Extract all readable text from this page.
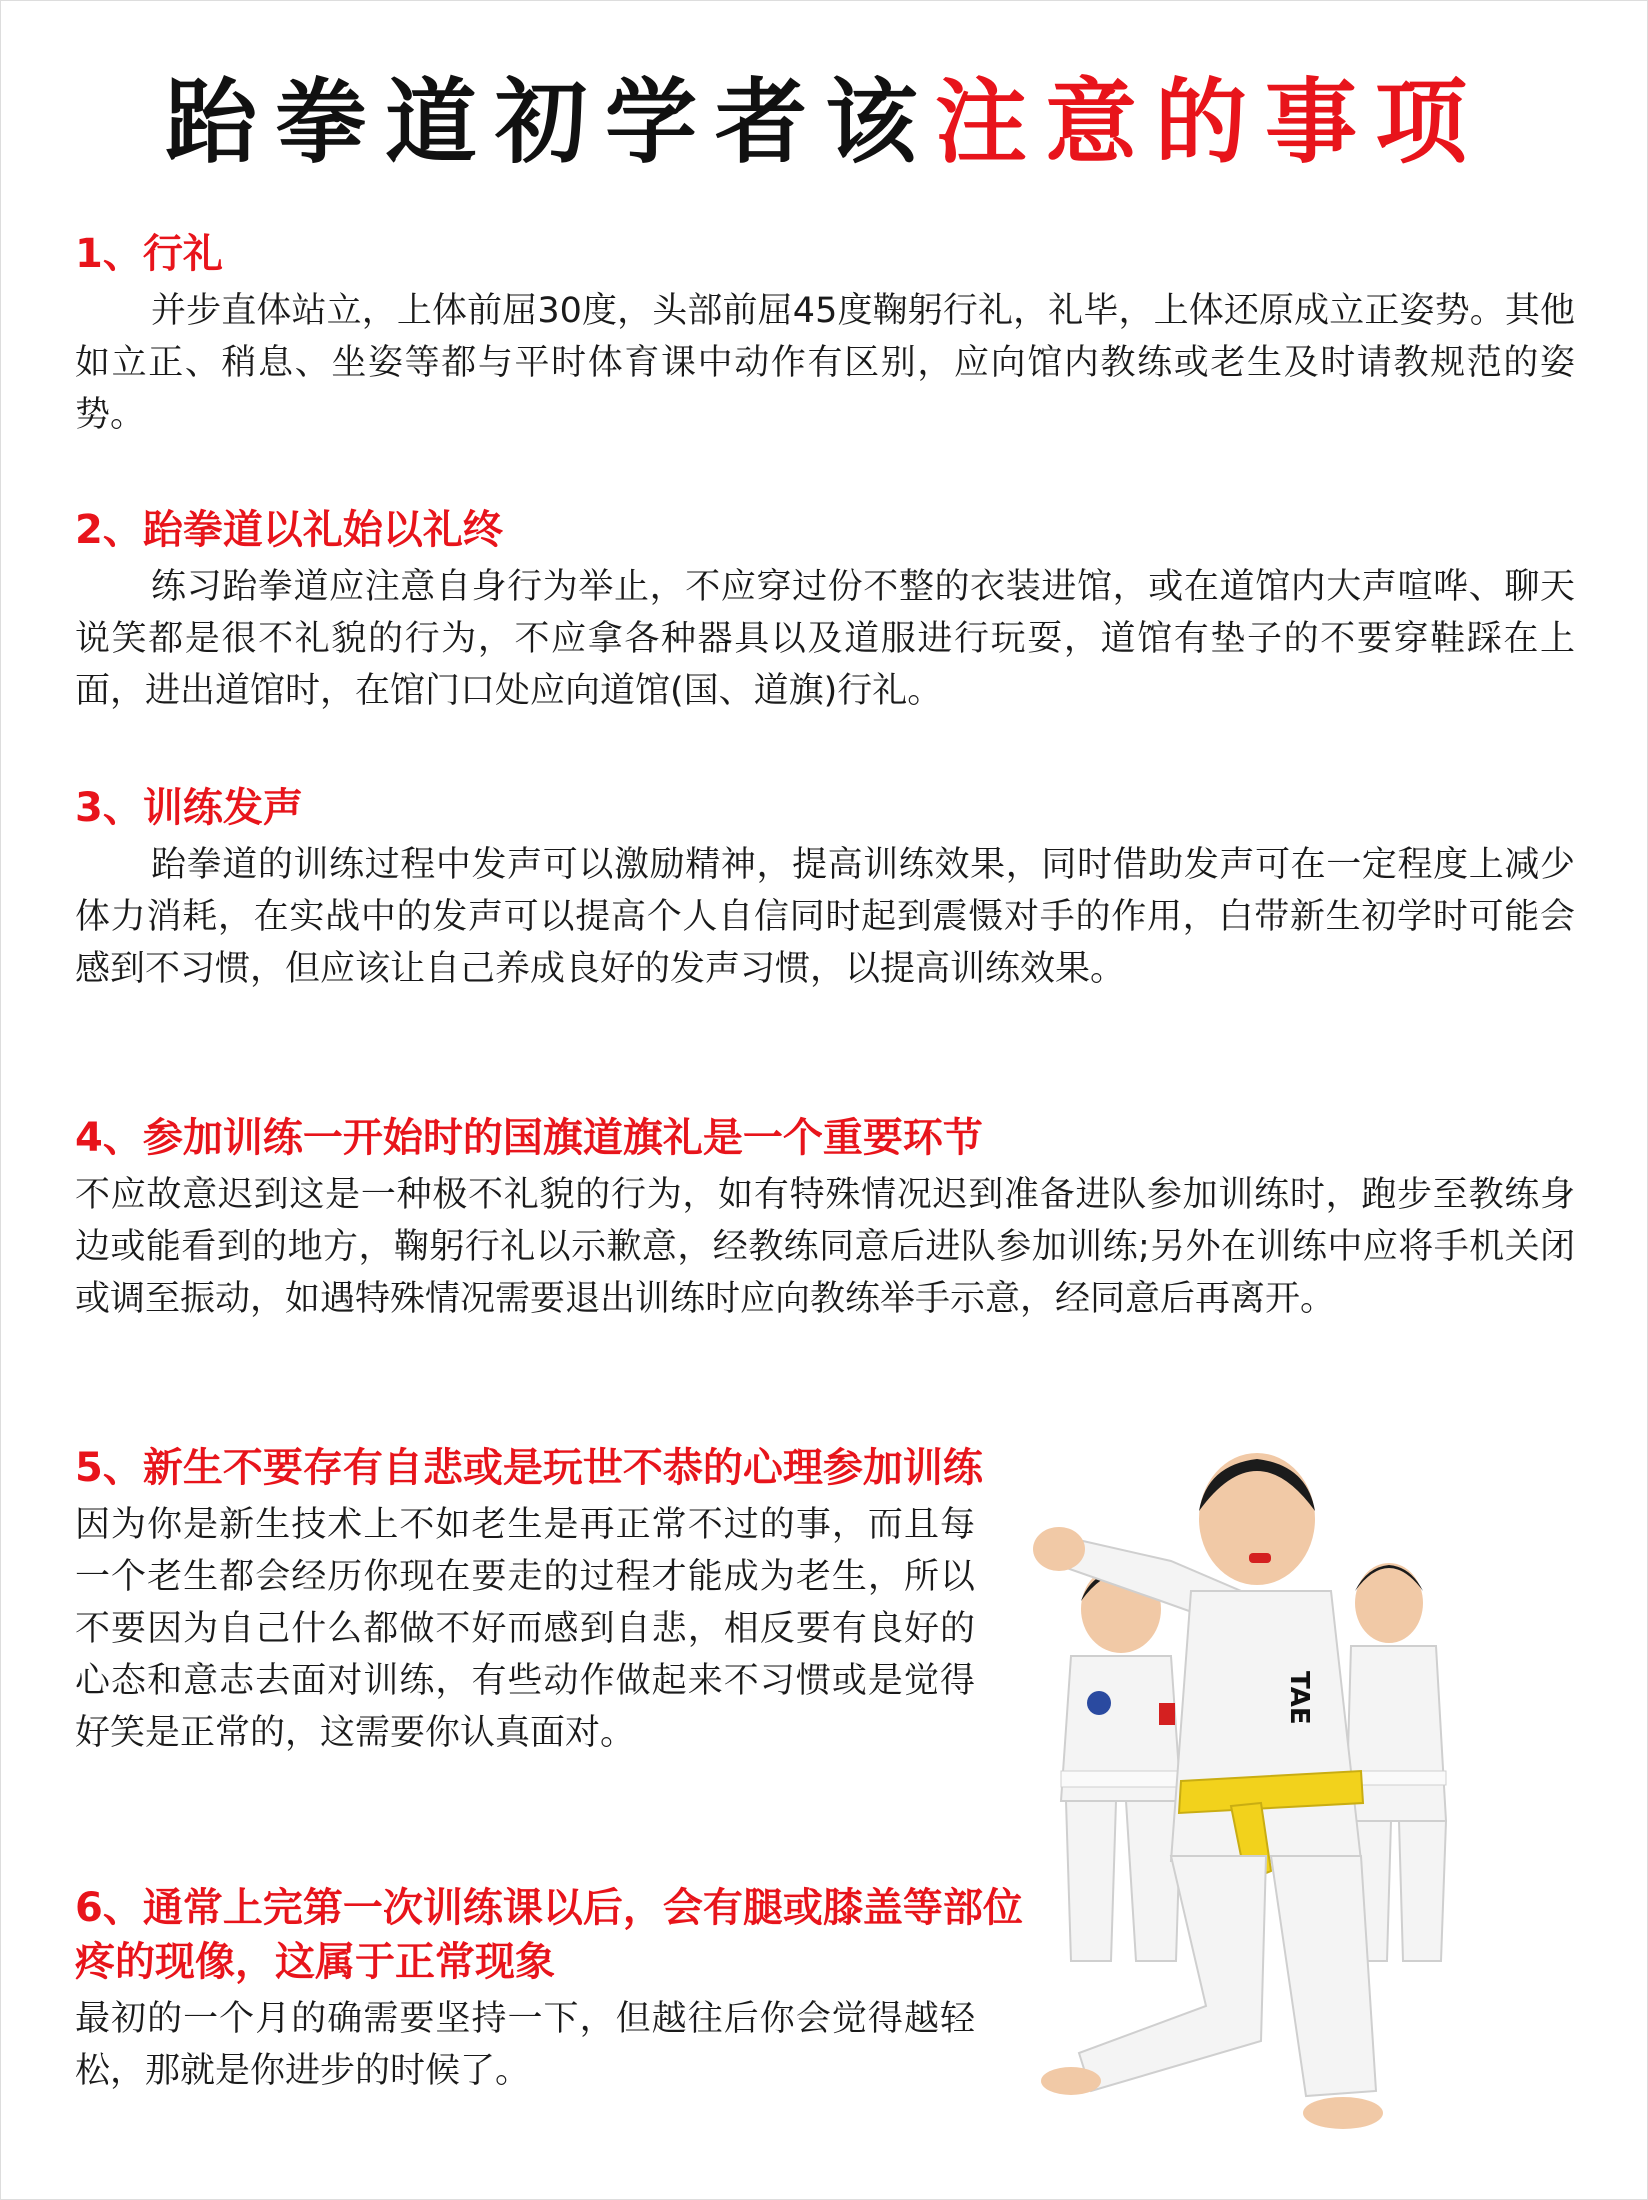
跆拳道初学者该注意的事项
1、行礼

并步直体站立，上体前屈30度，头部前屈45度鞠躬行礼，礼毕，上体还原成立正姿势。其他如立正、稍息、坐姿等都与平时体育课中动作有区别，应向馆内教练或老生及时请教规范的姿势。

2、跆拳道以礼始以礼终

练习跆拳道应注意自身行为举止，不应穿过份不整的衣装进馆，或在道馆内大声喧哗、聊天说笑都是很不礼貌的行为，不应拿各种器具以及道服进行玩耍，道馆有垫子的不要穿鞋踩在上面，进出道馆时，在馆门口处应向道馆(国、道旗)行礼。

3、训练发声

跆拳道的训练过程中发声可以激励精神，提高训练效果，同时借助发声可在一定程度上减少体力消耗，在实战中的发声可以提高个人自信同时起到震慑对手的作用，白带新生初学时可能会感到不习惯，但应该让自己养成良好的发声习惯，以提高训练效果。

4、参加训练一开始时的国旗道旗礼是一个重要环节

不应故意迟到这是一种极不礼貌的行为，如有特殊情况迟到准备进队参加训练时，跑步至教练身边或能看到的地方，鞠躬行礼以示歉意，经教练同意后进队参加训练;另外在训练中应将手机关闭或调至振动，如遇特殊情况需要退出训练时应向教练举手示意，经同意后再离开。

5、新生不要存有自悲或是玩世不恭的心理参加训练

因为你是新生技术上不如老生是再正常不过的事，而且每一个老生都会经历你现在要走的过程才能成为老生，所以不要因为自己什么都做不好而感到自悲，相反要有良好的心态和意志去面对训练，有些动作做起来不习惯或是觉得好笑是正常的，这需要你认真面对。

6、通常上完第一次训练课以后，会有腿或膝盖等部位疼的现像，这属于正常现象

最初的一个月的确需要坚持一下，但越往后你会觉得越轻松，那就是你进步的时候了。

TAE
